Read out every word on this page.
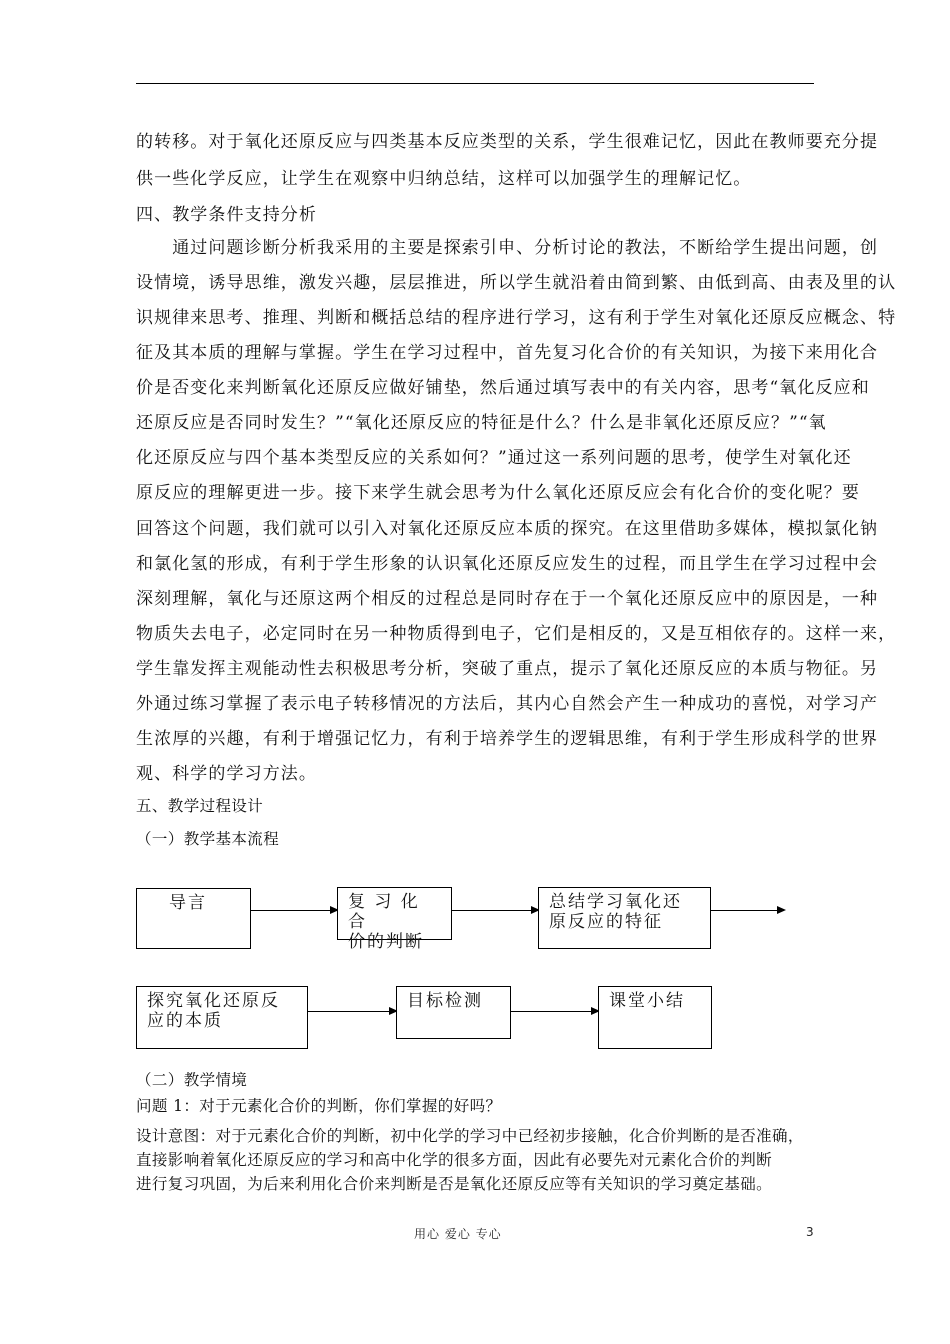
的转移。对于氧化还原反应与四类基本反应类型的关系，学生很难记忆，因此在教师要充分提
供一些化学反应，让学生在观察中归纳总结，这样可以加强学生的理解记忆。
四、教学条件支持分析
　　通过问题诊断分析我采用的主要是探索引申、分析讨论的教法，不断给学生提出问题，创
设情境，诱导思维，激发兴趣，层层推进，所以学生就沿着由简到繁、由低到高、由表及里的认
识规律来思考、推理、判断和概括总结的程序进行学习，这有利于学生对氧化还原反应概念、特
征及其本质的理解与掌握。学生在学习过程中，首先复习化合价的有关知识，为接下来用化合
价是否变化来判断氧化还原反应做好铺垫，然后通过填写表中的有关内容，思考“氧化反应和
还原反应是否同时发生？”“氧化还原反应的特征是什么？什么是非氧化还原反应？”“氧
化还原反应与四个基本类型反应的关系如何？”通过这一系列问题的思考，使学生对氧化还
原反应的理解更进一步。接下来学生就会思考为什么氧化还原反应会有化合价的变化呢？要
回答这个问题，我们就可以引入对氧化还原反应本质的探究。在这里借助多媒体，模拟氯化钠
和氯化氢的形成，有利于学生形象的认识氧化还原反应发生的过程，而且学生在学习过程中会
深刻理解，氧化与还原这两个相反的过程总是同时存在于一个氧化还原反应中的原因是，一种
物质失去电子，必定同时在另一种物质得到电子，它们是相反的，又是互相依存的。这样一来，
学生靠发挥主观能动性去积极思考分析，突破了重点，提示了氧化还原反应的本质与物征。另
外通过练习掌握了表示电子转移情况的方法后，其内心自然会产生一种成功的喜悦，对学习产
生浓厚的兴趣，有利于增强记忆力，有利于培养学生的逻辑思维，有利于学生形成科学的世界
观、科学的学习方法。
五、教学过程设计
（一）教学基本流程
导言	复 习 化 合
价的判断
总结学习氧化还
原反应的特征
探究氧化还原反
应的本质
目标检测	课堂小结
（二）教学情境
问题 1：对于元素化合价的判断，你们掌握的好吗？
设计意图：对于元素化合价的判断，初中化学的学习中已经初步接触，化合价判断的是否准确，
直接影响着氧化还原反应的学习和高中化学的很多方面，因此有必要先对元素化合价的判断
进行复习巩固，为后来利用化合价来判断是否是氧化还原反应等有关知识的学习奠定基础。
用心 爱心 专心	3
